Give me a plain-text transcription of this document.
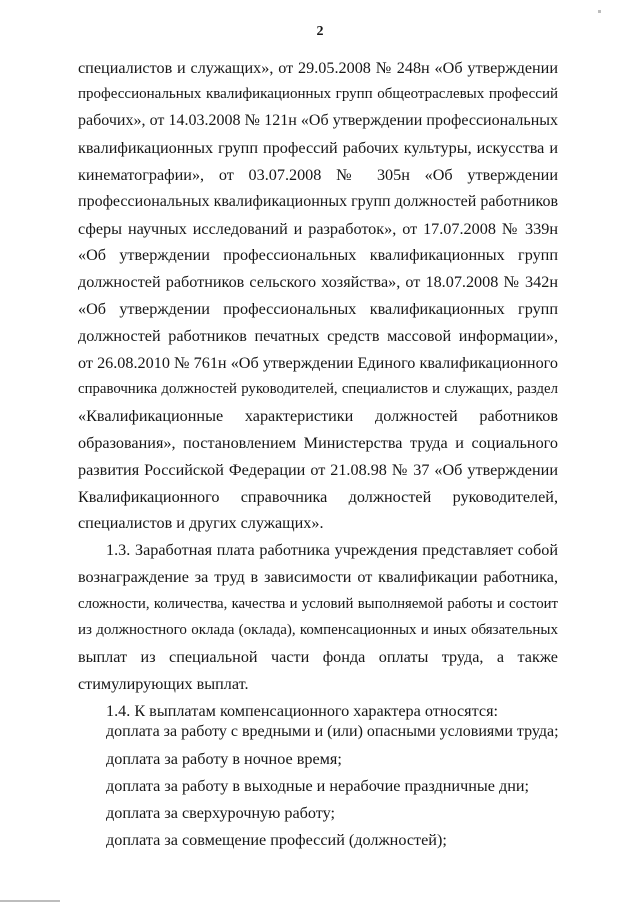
2
специалистов и служащих», от 29.05.2008 № 248н «Об утверждении
профессиональных квалификационных групп общеотраслевых профессий
рабочих», от 14.03.2008 № 121н «Об утверждении профессиональных
квалификационных групп профессий рабочих культуры, искусства и
кинематографии», от 03.07.2008 № 305н «Об утверждении
профессиональных квалификационных групп должностей работников
сферы научных исследований и разработок», от 17.07.2008 № 339н
«Об утверждении профессиональных квалификационных групп
должностей работников сельского хозяйства», от 18.07.2008 № 342н
«Об утверждении профессиональных квалификационных групп
должностей работников печатных средств массовой информации»,
от 26.08.2010 № 761н «Об утверждении Единого квалификационного
справочника должностей руководителей, специалистов и служащих, раздел
«Квалификационные характеристики должностей работников
образования», постановлением Министерства труда и социального
развития Российской Федерации от 21.08.98 № 37 «Об утверждении
Квалификационного справочника должностей руководителей,
специалистов и других служащих».
1.3. Заработная плата работника учреждения представляет собой
вознаграждение за труд в зависимости от квалификации работника,
сложности, количества, качества и условий выполняемой работы и состоит
из должностного оклада (оклада), компенсационных и иных обязательных
выплат из специальной части фонда оплаты труда, а также
стимулирующих выплат.
1.4. К выплатам компенсационного характера относятся:
доплата за работу с вредными и (или) опасными условиями труда;
доплата за работу в ночное время;
доплата за работу в выходные и нерабочие праздничные дни;
доплата за сверхурочную работу;
доплата за совмещение профессий (должностей);
